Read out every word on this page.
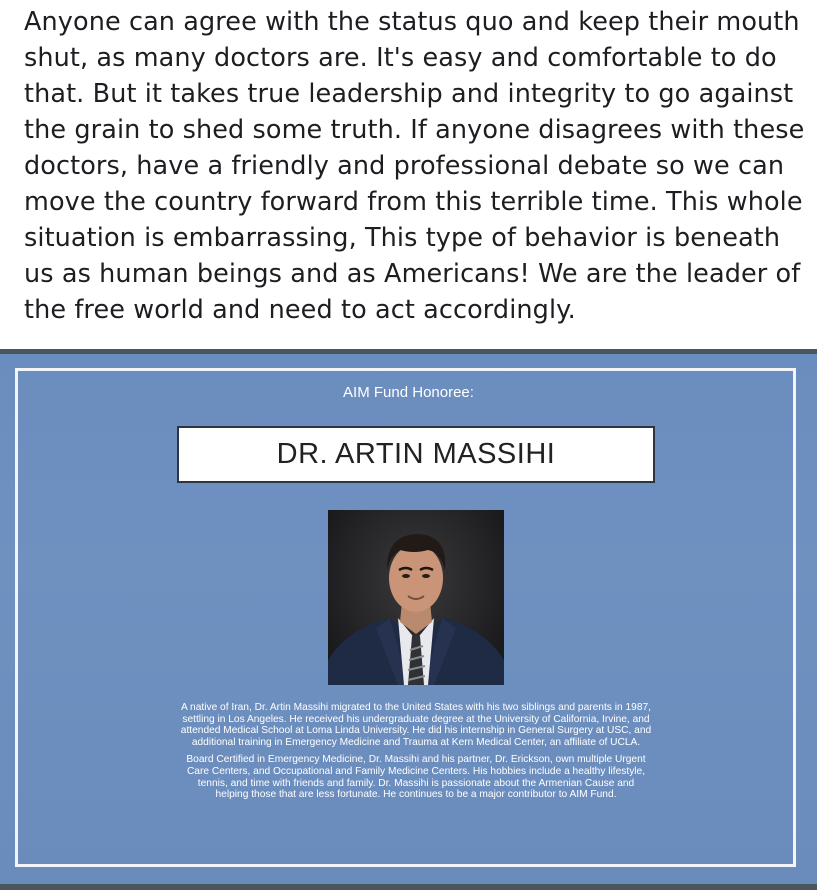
Anyone can agree with the status quo and keep their mouth
shut, as many doctors are. It's easy and comfortable to do
that. But it takes true leadership and integrity to go against
the grain to shed some truth. If anyone disagrees with these
doctors, have a friendly and professional debate so we can
move the country forward from this terrible time. This whole
situation is embarrassing, This type of behavior is beneath
us as human beings and as Americans! We are the leader of
the free world and need to act accordingly.
AIM Fund Honoree:
DR. ARTIN MASSIHI

A native of Iran, Dr. Artin Massihi migrated to the United States with his two siblings and parents in 1987, settling in Los Angeles. He received his undergraduate degree at the University of California, Irvine, and attended Medical School at Loma Linda University. He did his internship in General Surgery at USC, and additional training in Emergency Medicine and Trauma at Kern Medical Center, an affiliate of UCLA.

Board Certified in Emergency Medicine, Dr. Massihi and his partner, Dr. Erickson, own multiple Urgent Care Centers, and Occupational and Family Medicine Centers. His hobbies include a healthy lifestyle, tennis, and time with friends and family. Dr. Massihi is passionate about the Armenian Cause and helping those that are less fortunate. He continues to be a major contributor to AIM Fund.
